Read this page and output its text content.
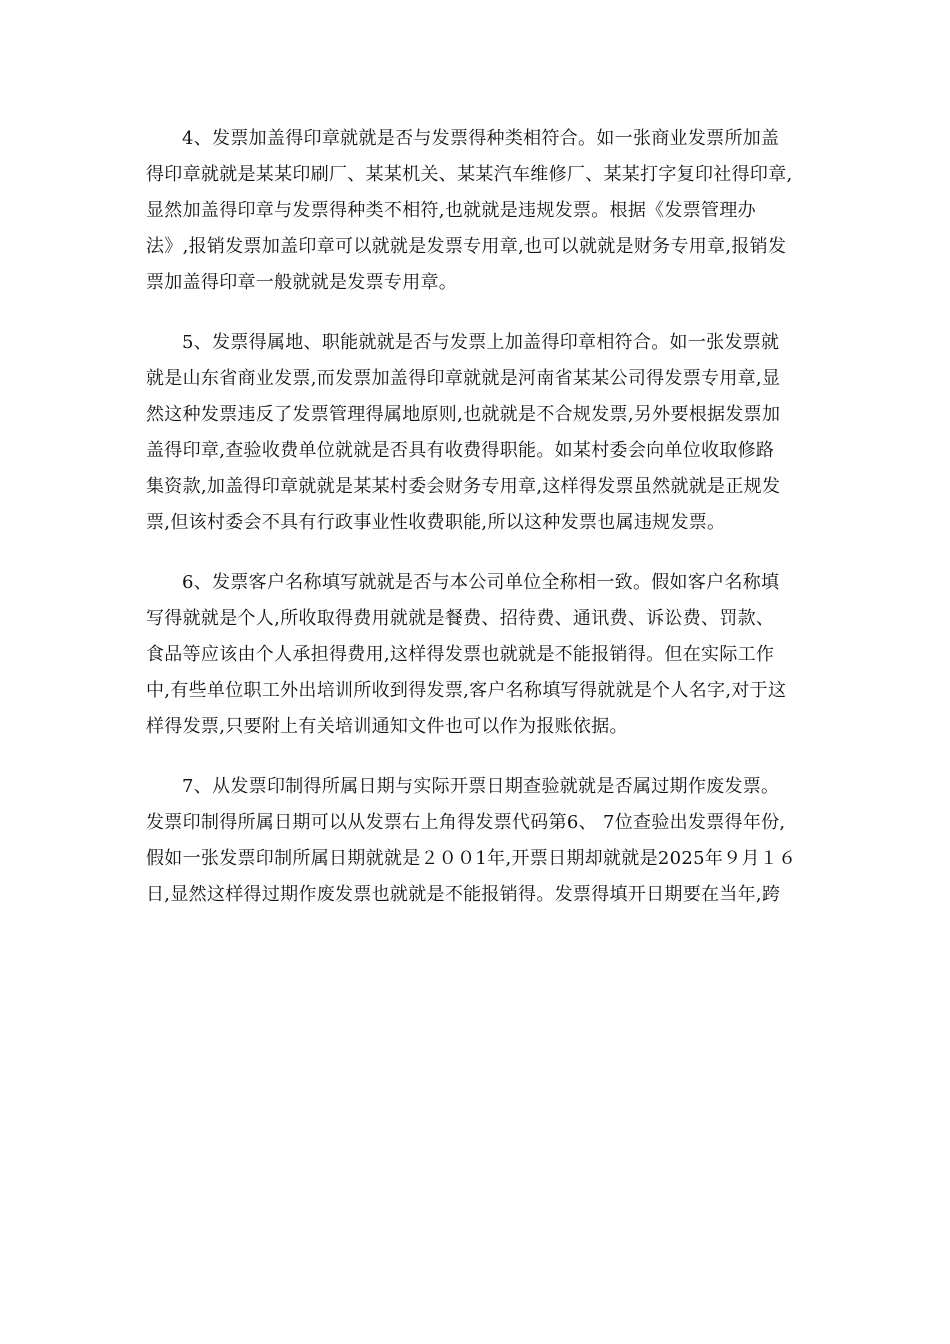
4、发票加盖得印章就就是否与发票得种类相符合。如一张商业发票所加盖
得印章就就是某某印刷厂、某某机关、某某汽车维修厂、某某打字复印社得印章,
显然加盖得印章与发票得种类不相符,也就就是违规发票。根据《发票管理办
法》,报销发票加盖印章可以就就是发票专用章,也可以就就是财务专用章,报销发
票加盖得印章一般就就是发票专用章。
5、发票得属地、职能就就是否与发票上加盖得印章相符合。如一张发票就
就是山东省商业发票,而发票加盖得印章就就是河南省某某公司得发票专用章,显
然这种发票违反了发票管理得属地原则,也就就是不合规发票,另外要根据发票加
盖得印章,查验收费单位就就是否具有收费得职能。如某村委会向单位收取修路
集资款,加盖得印章就就是某某村委会财务专用章,这样得发票虽然就就是正规发
票,但该村委会不具有行政事业性收费职能,所以这种发票也属违规发票。
6、发票客户名称填写就就是否与本公司单位全称相一致。假如客户名称填
写得就就是个人,所收取得费用就就是餐费、招待费、通讯费、诉讼费、罚款、
食品等应该由个人承担得费用,这样得发票也就就是不能报销得。但在实际工作
中,有些单位职工外出培训所收到得发票,客户名称填写得就就是个人名字,对于这
样得发票,只要附上有关培训通知文件也可以作为报账依据。
7、从发票印制得所属日期与实际开票日期查验就就是否属过期作废发票。
发票印制得所属日期可以从发票右上角得发票代码第6、 7位查验出发票得年份,
假如一张发票印制所属日期就就是２００1年,开票日期却就就是2025年９月１６
日,显然这样得过期作废发票也就就是不能报销得。发票得填开日期要在当年,跨
